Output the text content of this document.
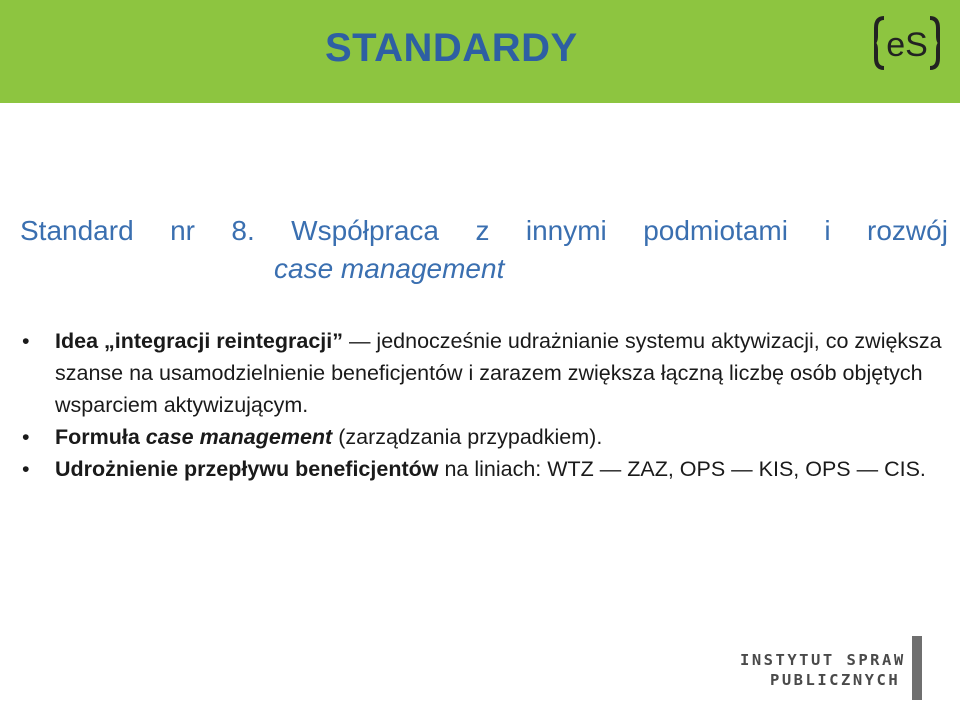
STANDARDY	eS
Standard nr 8. Współpraca z innymi podmiotami i rozwój
case management
• Idea „integracji reintegracji” — jednocześnie udrażnianie systemu aktywizacji, co zwiększa szanse na usamodzielnienie beneficjentów i zarazem zwiększa łączną liczbę osób objętych wsparciem aktywizującym.
• Formuła case management (zarządzania przypadkiem).
• Udrożnienie przepływu beneficjentów na liniach: WTZ — ZAZ, OPS — KIS, OPS — CIS.
INSTYTUT SPRAW
PUBLICZNYCH
